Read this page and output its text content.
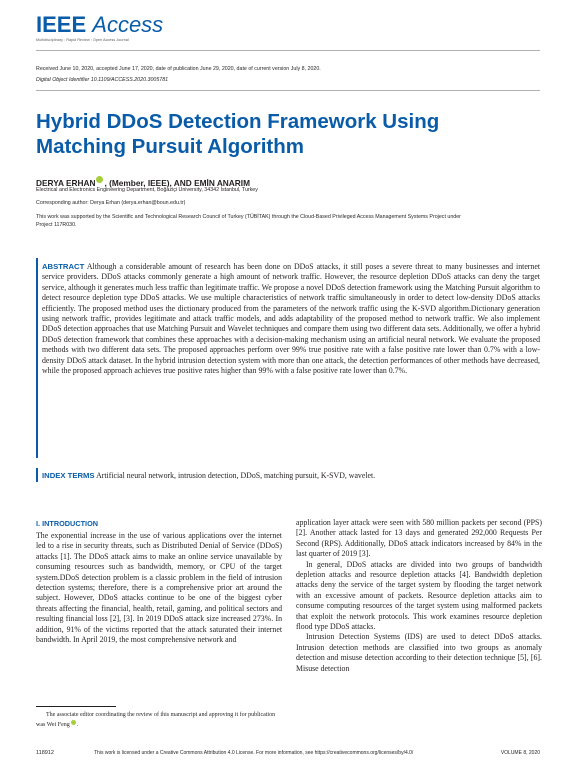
IEEE Access
Multidisciplinary : Rapid Review : Open Access Journal
Received June 10, 2020, accepted June 17, 2020, date of publication June 29, 2020, date of current version July 8, 2020.
Digital Object Identifier 10.1109/ACCESS.2020.3005781
Hybrid DDoS Detection Framework Using
Matching Pursuit Algorithm
DERYA ERHAN , (Member, IEEE), AND EMİN ANARIM
Electrical and Electronics Engineering Department, Boğaziçi University, 34342 İstanbul, Turkey
Corresponding author: Derya Erhan (derya.erhan@boun.edu.tr)
This work was supported by the Scientific and Technological Research Council of Turkey (TÜBİTAK) through the Cloud-Based Privileged Access Management Systems Project under Project 117R030.
ABSTRACT Although a considerable amount of research has been done on DDoS attacks, it still poses a severe threat to many businesses and internet service providers. DDoS attacks commonly generate a high amount of network traffic. However, the resource depletion DDoS attacks can deny the target service, although it generates much less traffic than legitimate traffic. We propose a novel DDoS detection framework using the Matching Pursuit algorithm to detect resource depletion type DDoS attacks. We use multiple characteristics of network traffic simultaneously in order to detect low-density DDoS attacks efficiently. The proposed method uses the dictionary produced from the parameters of the network traffic using the K-SVD algorithm.Dictionary generation using network traffic, provides legitimate and attack traffic models, and adds adaptability of the proposed method to network traffic. We also implement DDoS detection approaches that use Matching Pursuit and Wavelet techniques and compare them using two different data sets. Additionally, we offer a hybrid DDoS detection framework that combines these approaches with a decision-making mechanism using an artificial neural network. We evaluate the proposed methods with two different data sets. The proposed approaches perform over 99% true positive rate with a false positive rate lower than 0.7% with a low-density DDoS attack dataset. In the hybrid intrusion detection system with more than one attack, the detection performances of other methods have decreased, while the proposed approach achieves true positive rates higher than 99% with a false positive rate lower than 0.7%.
INDEX TERMS Artificial neural network, intrusion detection, DDoS, matching pursuit, K-SVD, wavelet.
I. INTRODUCTION

The exponential increase in the use of various applications over the internet led to a rise in security threats, such as Distributed Denial of Service (DDoS) attacks [1]. The DDoS attack aims to make an online service unavailable by consuming resources such as bandwidth, memory, or CPU of the target system.DDoS detection problem is a classic problem in the field of intrusion detection systems; therefore, there is a comprehensive prior art around the subject. However, DDoS attacks continue to be one of the biggest cyber threats affecting the financial, health, retail, gaming, and political sectors and resulting financial loss [2], [3]. In 2019 DDoS attack size increased 273%. In addition, 91% of the victims reported that the attack saturated their internet bandwidth. In April 2019, the most comprehensive network and

application layer attack were seen with 580 million packets per second (PPS) [2]. Another attack lasted for 13 days and generated 292,000 Requests Per Second (RPS). Additionally, DDoS attack indicators increased by 84% in the last quarter of 2019 [3].

In general, DDoS attacks are divided into two groups of bandwidth depletion attacks and resource depletion attacks [4]. Bandwidth depletion attacks deny the service of the target system by flooding the target network with an excessive amount of packets. Resource depletion attacks aim to consume computing resources of the target system using malformed packets that exploit the network protocols. This work examines resource depletion flood type DDoS attacks.

Intrusion Detection Systems (IDS) are used to detect DDoS attacks. Intrusion detection methods are classified into two groups as anomaly detection and misuse detection according to their detection technique [5], [6]. Misuse detection

The associate editor coordinating the review of this manuscript and approving it for publication was Wei Feng .
118912	This work is licensed under a Creative Commons Attribution 4.0 License. For more information, see https://creativecommons.org/licenses/by/4.0/	VOLUME 8, 2020
